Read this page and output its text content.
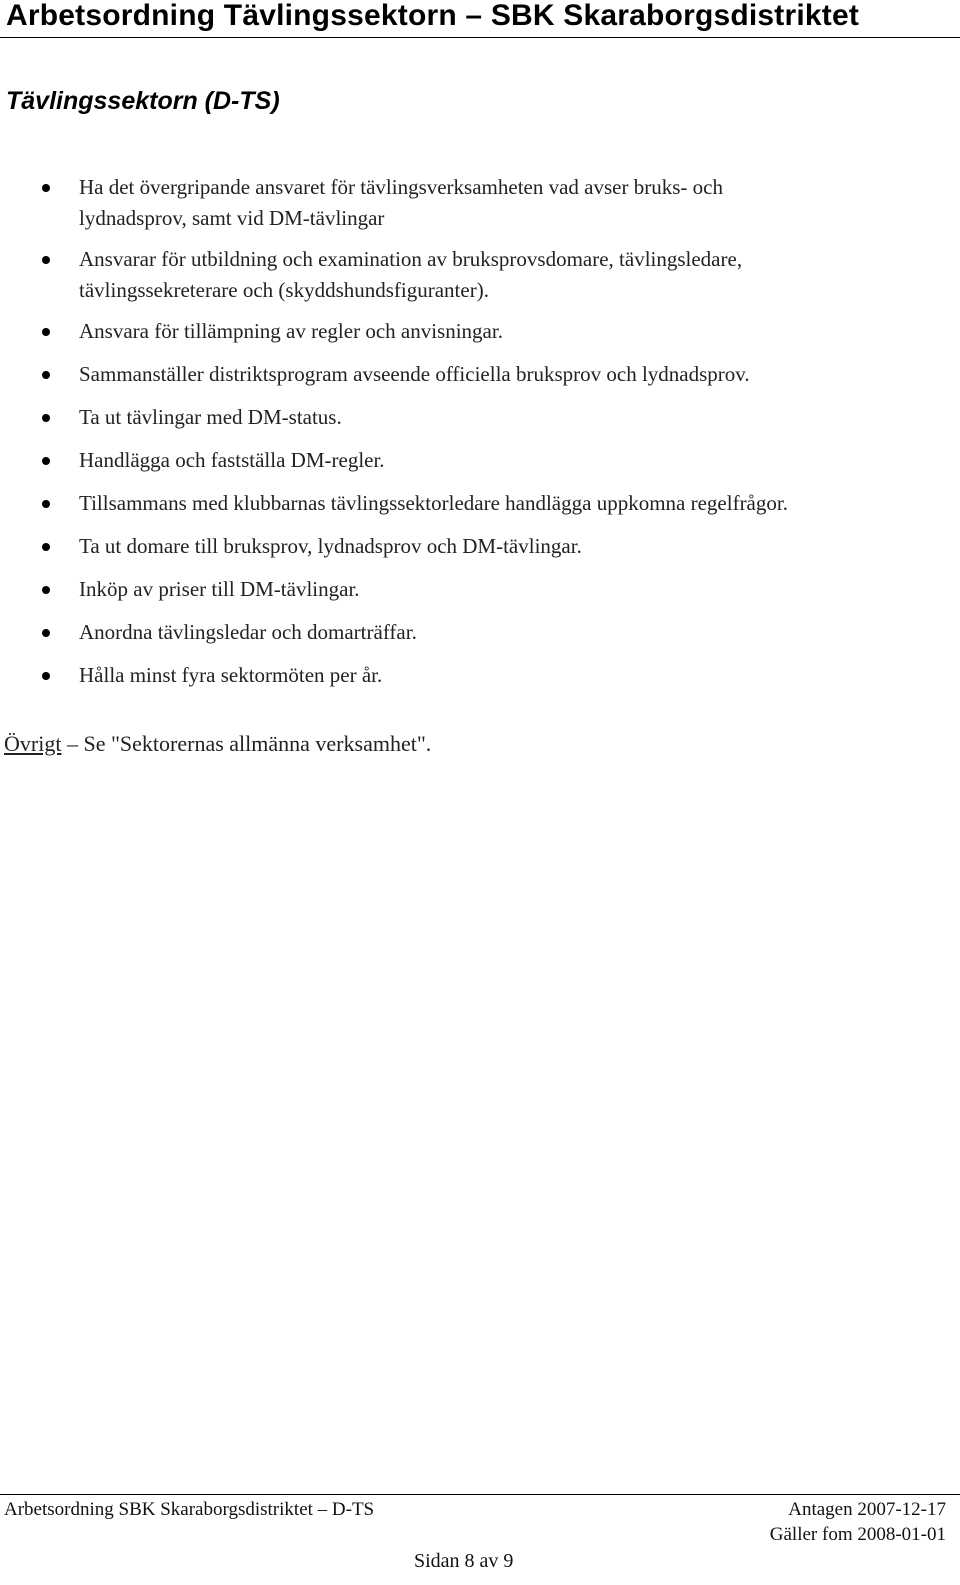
Arbetsordning Tävlingssektorn – SBK Skaraborgsdistriktet
Tävlingssektorn (D-TS)
Ha det övergripande ansvaret för tävlingsverksamheten vad avser bruks- och
lydnadsprov, samt vid DM-tävlingar
Ansvarar för utbildning och examination av bruksprovsdomare, tävlingsledare,
tävlingssekreterare och (skyddshundsfiguranter).
Ansvara för tillämpning av regler och anvisningar.
Sammanställer distriktsprogram avseende officiella bruksprov och lydnadsprov.
Ta ut tävlingar med DM-status.
Handlägga och fastställa DM-regler.
Tillsammans med klubbarnas tävlingssektorledare handlägga uppkomna regelfrågor.
Ta ut domare till bruksprov, lydnadsprov och DM-tävlingar.
Inköp av priser till DM-tävlingar.
Anordna tävlingsledar och domarträffar.
Hålla minst fyra sektormöten per år.
Övrigt – Se "Sektorernas allmänna verksamhet".
Arbetsordning SBK Skaraborgsdistriktet – D-TS	Antagen 2007-12-17
Gäller fom 2008-01-01
Sidan 8 av 9
